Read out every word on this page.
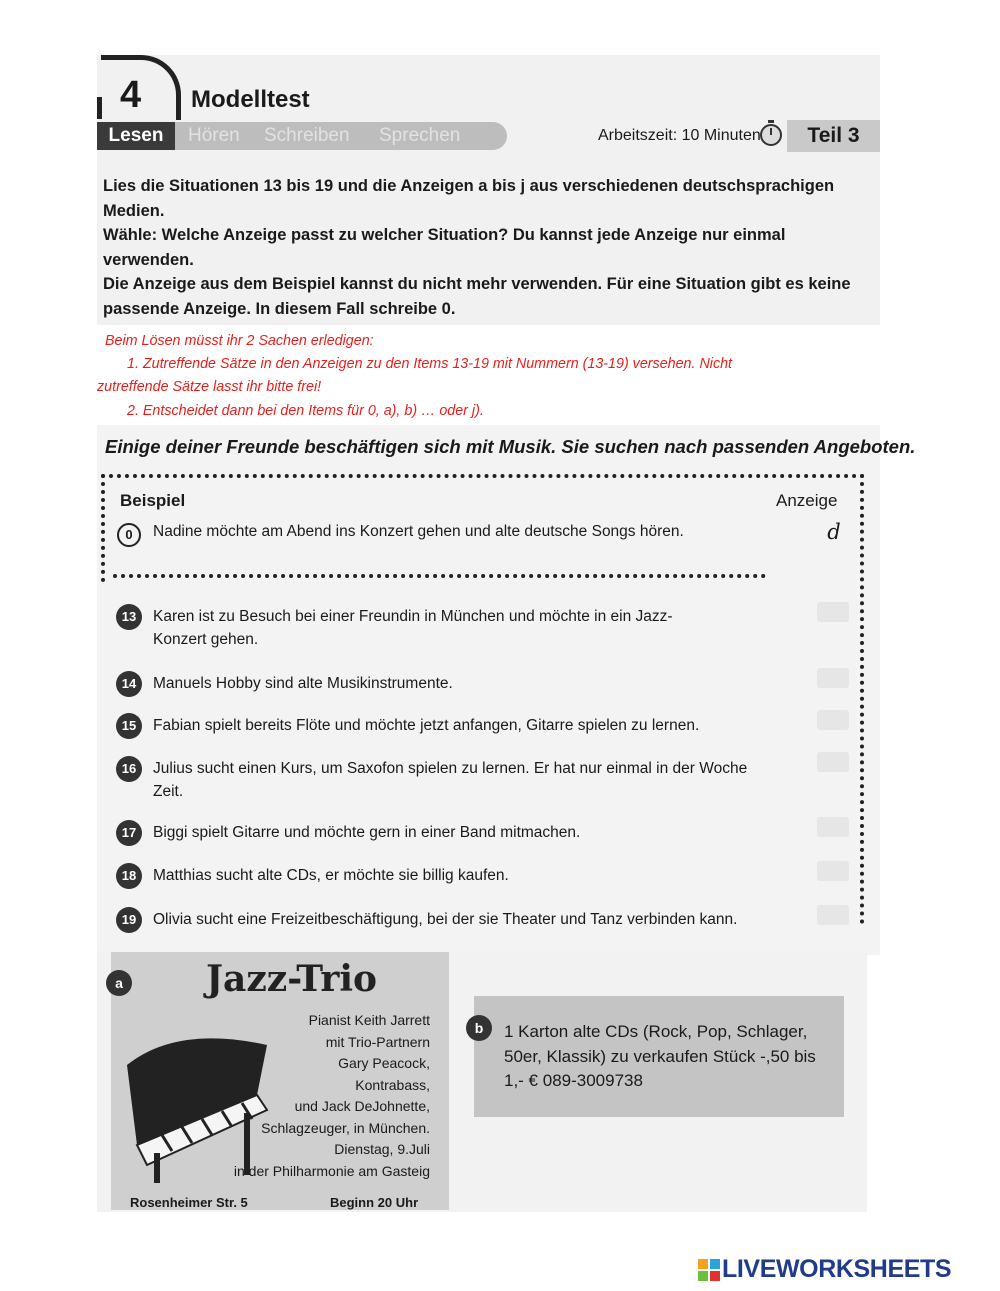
4 Modelltest
Lesen	Hören Schreiben Sprechen	Arbeitszeit: 10 Minuten	Teil 3

Lies die Situationen 13 bis 19 und die Anzeigen a bis j aus verschiedenen deutschsprachigen Medien.

Wähle: Welche Anzeige passt zu welcher Situation? Du kannst jede Anzeige nur einmal verwenden.

Die Anzeige aus dem Beispiel kannst du nicht mehr verwenden. Für eine Situation gibt es keine passende Anzeige. In diesem Fall schreibe 0.

Beim Lösen müsst ihr 2 Sachen erledigen:
1. Zutreffende Sätze in den Anzeigen zu den Items 13-19 mit Nummern (13-19) versehen. Nicht
zutreffende Sätze lasst ihr bitte frei!
2. Entscheidet dann bei den Items für 0, a), b) … oder j).
Einige deiner Freunde beschäftigen sich mit Musik. Sie suchen nach passenden Angeboten.
Beispiel	Anzeige
0	Nadine möchte am Abend ins Konzert gehen und alte deutsche Songs hören.	d
13	Karen ist zu Besuch bei einer Freundin in München und möchte in ein Jazz-Konzert gehen.
14	Manuels Hobby sind alte Musikinstrumente.
15	Fabian spielt bereits Flöte und möchte jetzt anfangen, Gitarre spielen zu lernen.
16	Julius sucht einen Kurs, um Saxofon spielen zu lernen. Er hat nur einmal in der Woche Zeit.
17	Biggi spielt Gitarre und möchte gern in einer Band mitmachen.
18	Matthias sucht alte CDs, er möchte sie billig kaufen.
19	Olivia sucht eine Freizeitbeschäftigung, bei der sie Theater und Tanz verbinden kann.
Jazz-Trio
Pianist Keith Jarrett
mit Trio-Partnern
Gary Peacock,
Kontrabass,
und Jack DeJohnette,
Schlagzeuger, in München.
Dienstag, 9.Juli
in der Philharmonie am Gasteig
Rosenheimer Str. 5	Beginn 20 Uhr
a
b	1 Karton alte CDs (Rock, Pop, Schlager, 50er, Klassik) zu verkaufen Stück -,50 bis 1,- € 089-3009738
LIVEWORKSHEETS
